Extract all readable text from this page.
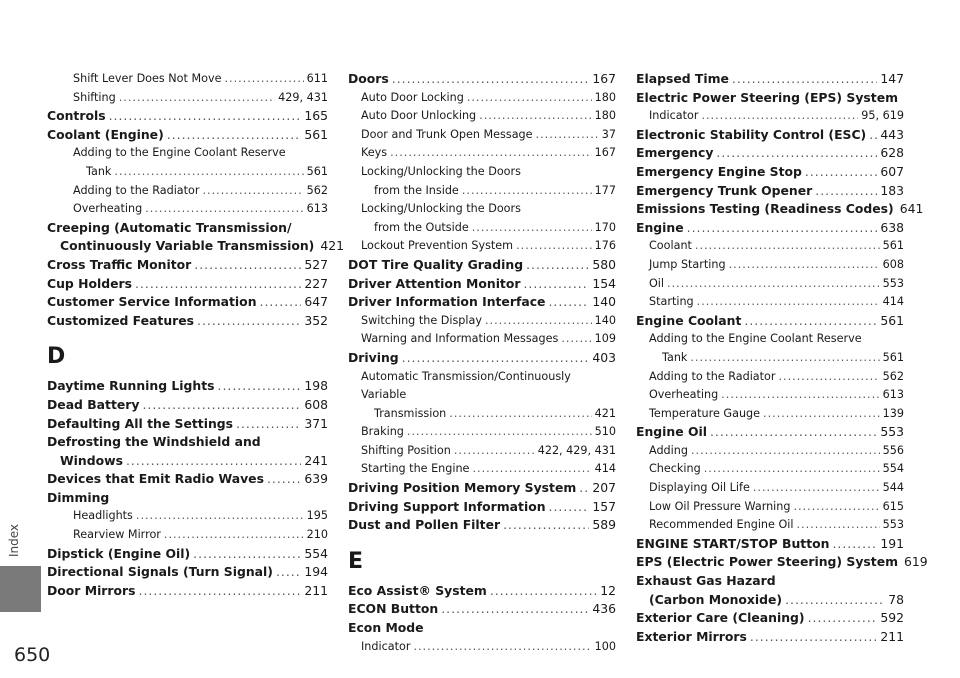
Index
650
Shift Lever Does Not Move .....	611
Shifting .....	429, 431
Controls .....	165
Coolant (Engine) .....	561
Adding to the Engine Coolant Reserve
Tank .....	561
Adding to the Radiator .....	562
Overheating .....	613
Creeping (Automatic Transmission/
Continuously Variable Transmission) 421
Cross Traffic Monitor .....	527
Cup Holders .....	227
Customer Service Information .....	647
Customized Features .....	352
D
Daytime Running Lights .....	198
Dead Battery .....	608
Defaulting All the Settings .....	371
Defrosting the Windshield and
Windows .....	241
Devices that Emit Radio Waves .....	639
Dimming
Headlights .....	195
Rearview Mirror .....	210
Dipstick (Engine Oil) .....	554
Directional Signals (Turn Signal) .....	194
Door Mirrors .....	211
Doors .....	167
Auto Door Locking .....	180
Auto Door Unlocking .....	180
Door and Trunk Open Message .....	37
Keys .....	167
Locking/Unlocking the Doors
from the Inside .....	177
Locking/Unlocking the Doors
from the Outside .....	170
Lockout Prevention System .....	176
DOT Tire Quality Grading .....	580
Driver Attention Monitor .....	154
Driver Information Interface .....	140
Switching the Display .....	140
Warning and Information Messages .....	109
Driving .....	403
Automatic Transmission/Continuously Variable
Transmission .....	421
Braking .....	510
Shifting Position .....	422, 429, 431
Starting the Engine .....	414
Driving Position Memory System ..... 207
Driving Support Information .....	157
Dust and Pollen Filter .....	589
E
Eco Assist® System .....	12
ECON Button .....	436
Econ Mode
Indicator .....	100
Elapsed Time .....	147
Electric Power Steering (EPS) System
Indicator .....	95, 619
Electronic Stability Control (ESC) ..... 443
Emergency .....	628
Emergency Engine Stop .....	607
Emergency Trunk Opener .....	183
Emissions Testing (Readiness Codes) 641
Engine .....	638
Coolant .....	561
Jump Starting .....	608
Oil .....	553
Starting .....	414
Engine Coolant .....	561
Adding to the Engine Coolant Reserve
Tank .....	561
Adding to the Radiator .....	562
Overheating .....	613
Temperature Gauge .....	139
Engine Oil .....	553
Adding .....	556
Checking .....	554
Displaying Oil Life .....	544
Low Oil Pressure Warning .....	615
Recommended Engine Oil .....	553
ENGINE START/STOP Button .....	191
EPS (Electric Power Steering) System 619
Exhaust Gas Hazard
(Carbon Monoxide) .....	78
Exterior Care (Cleaning) .....	592
Exterior Mirrors .....	211
